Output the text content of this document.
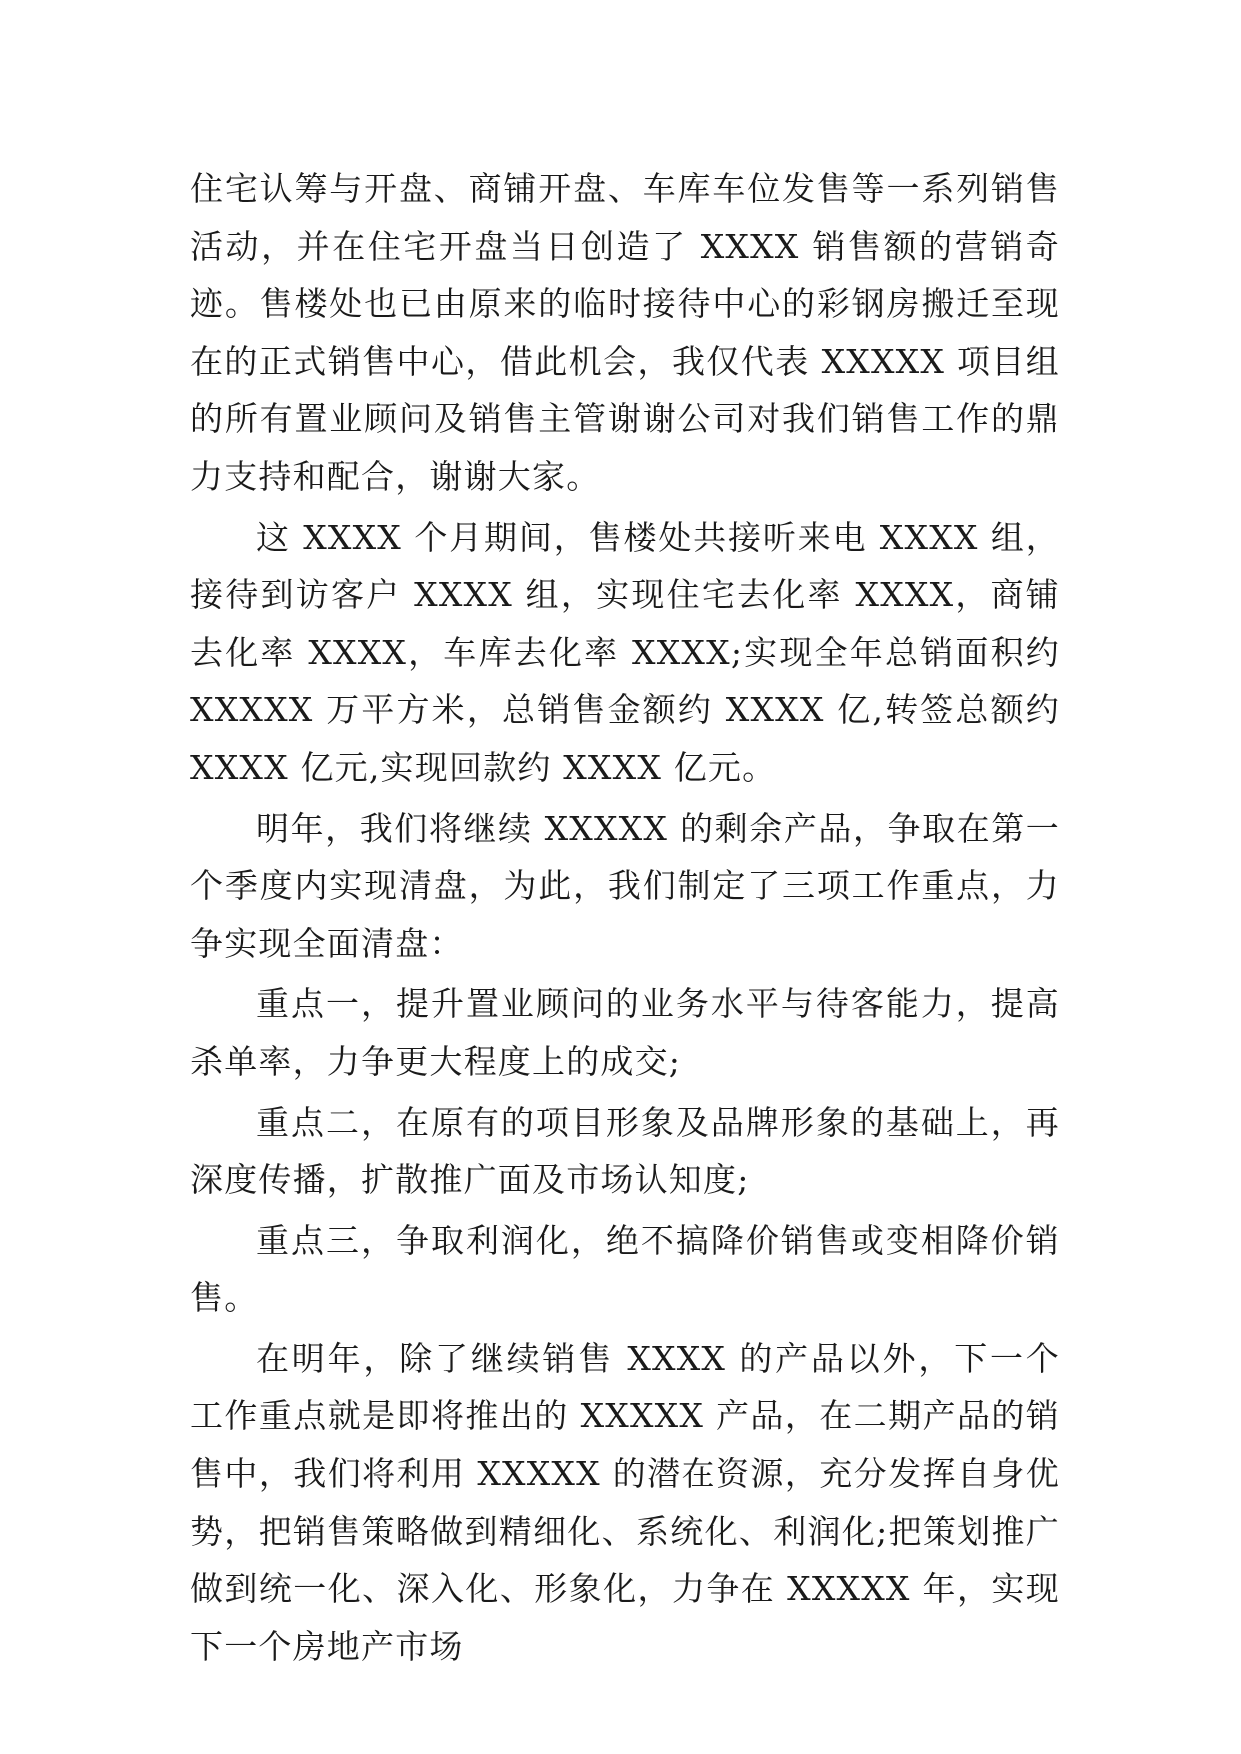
住宅认筹与开盘、商铺开盘、车库车位发售等一系列销售活动，并在住宅开盘当日创造了 XXXX 销售额的营销奇迹。售楼处也已由原来的临时接待中心的彩钢房搬迁至现在的正式销售中心，借此机会，我仅代表 XXXXX 项目组的所有置业顾问及销售主管谢谢公司对我们销售工作的鼎力支持和配合，谢谢大家。

这 XXXX 个月期间，售楼处共接听来电 XXXX 组，接待到访客户 XXXX 组，实现住宅去化率 XXXX，商铺去化率 XXXX，车库去化率 XXXX;实现全年总销面积约 XXXXX 万平方米，总销售金额约 XXXX 亿,转签总额约 XXXX 亿元,实现回款约 XXXX 亿元。

明年，我们将继续 XXXXX 的剩余产品，争取在第一个季度内实现清盘，为此，我们制定了三项工作重点，力争实现全面清盘：

重点一，提升置业顾问的业务水平与待客能力，提高杀单率，力争更大程度上的成交;

重点二，在原有的项目形象及品牌形象的基础上，再深度传播，扩散推广面及市场认知度;

重点三，争取利润化，绝不搞降价销售或变相降价销售。

在明年，除了继续销售 XXXX 的产品以外，下一个工作重点就是即将推出的 XXXXX 产品，在二期产品的销售中，我们将利用 XXXXX 的潜在资源，充分发挥自身优势，把销售策略做到精细化、系统化、利润化;把策划推广做到统一化、深入化、形象化，力争在 XXXXX 年，实现下一个房地产市场
